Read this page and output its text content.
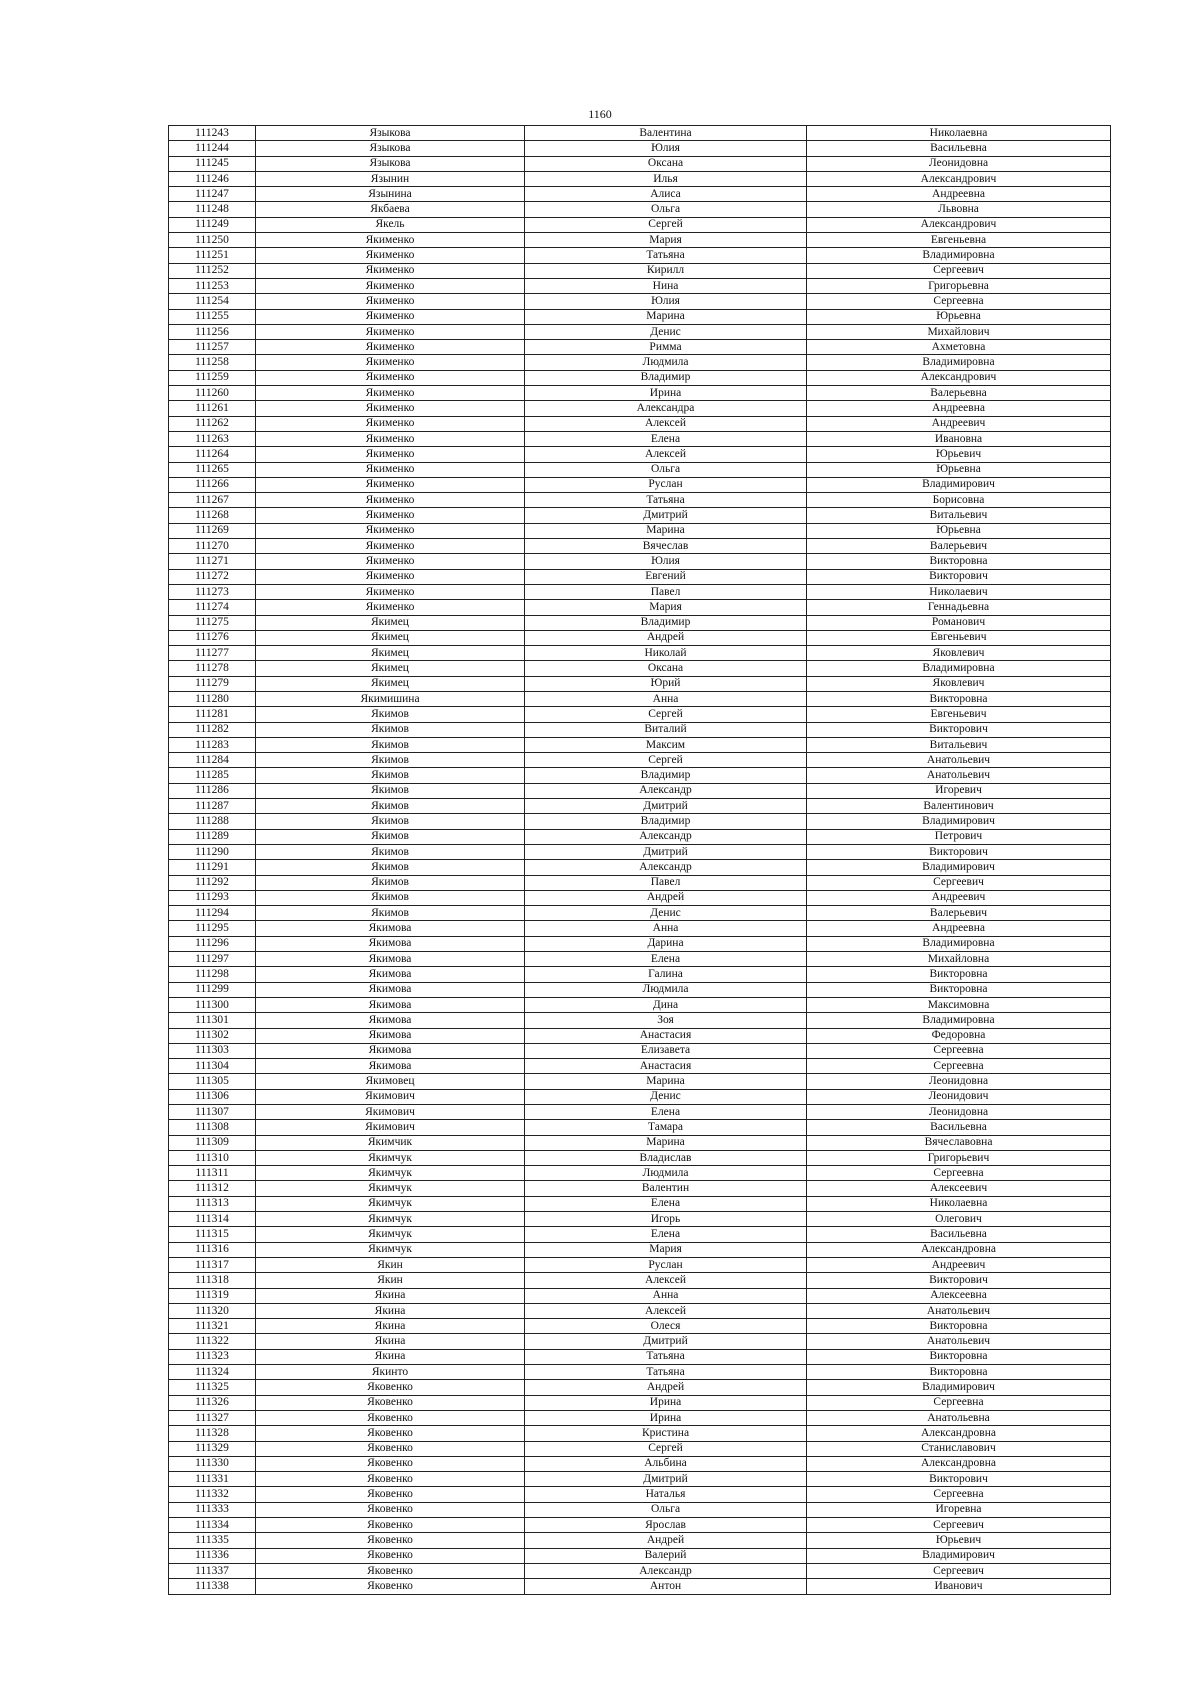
1160
111243	Языкова	Валентина	Николаевна
111244	Языкова	Юлия	Васильевна
111245	Языкова	Оксана	Леонидовна
111246	Язынин	Илья	Александрович
111247	Язынина	Алиса	Андреевна
111248	Якбаева	Ольга	Львовна
111249	Якель	Сергей	Александрович
111250	Якименко	Мария	Евгеньевна
111251	Якименко	Татьяна	Владимировна
111252	Якименко	Кирилл	Сергеевич
111253	Якименко	Нина	Григорьевна
111254	Якименко	Юлия	Сергеевна
111255	Якименко	Марина	Юрьевна
111256	Якименко	Денис	Михайлович
111257	Якименко	Римма	Ахметовна
111258	Якименко	Людмила	Владимировна
111259	Якименко	Владимир	Александрович
111260	Якименко	Ирина	Валерьевна
111261	Якименко	Александра	Андреевна
111262	Якименко	Алексей	Андреевич
111263	Якименко	Елена	Ивановна
111264	Якименко	Алексей	Юрьевич
111265	Якименко	Ольга	Юрьевна
111266	Якименко	Руслан	Владимирович
111267	Якименко	Татьяна	Борисовна
111268	Якименко	Дмитрий	Витальевич
111269	Якименко	Марина	Юрьевна
111270	Якименко	Вячеслав	Валерьевич
111271	Якименко	Юлия	Викторовна
111272	Якименко	Евгений	Викторович
111273	Якименко	Павел	Николаевич
111274	Якименко	Мария	Геннадьевна
111275	Якимец	Владимир	Романович
111276	Якимец	Андрей	Евгеньевич
111277	Якимец	Николай	Яковлевич
111278	Якимец	Оксана	Владимировна
111279	Якимец	Юрий	Яковлевич
111280	Якимишина	Анна	Викторовна
111281	Якимов	Сергей	Евгеньевич
111282	Якимов	Виталий	Викторович
111283	Якимов	Максим	Витальевич
111284	Якимов	Сергей	Анатольевич
111285	Якимов	Владимир	Анатольевич
111286	Якимов	Александр	Игоревич
111287	Якимов	Дмитрий	Валентинович
111288	Якимов	Владимир	Владимирович
111289	Якимов	Александр	Петрович
111290	Якимов	Дмитрий	Викторович
111291	Якимов	Александр	Владимирович
111292	Якимов	Павел	Сергеевич
111293	Якимов	Андрей	Андреевич
111294	Якимов	Денис	Валерьевич
111295	Якимова	Анна	Андреевна
111296	Якимова	Дарина	Владимировна
111297	Якимова	Елена	Михайловна
111298	Якимова	Галина	Викторовна
111299	Якимова	Людмила	Викторовна
111300	Якимова	Дина	Максимовна
111301	Якимова	Зоя	Владимировна
111302	Якимова	Анастасия	Федоровна
111303	Якимова	Елизавета	Сергеевна
111304	Якимова	Анастасия	Сергеевна
111305	Якимовец	Марина	Леонидовна
111306	Якимович	Денис	Леонидович
111307	Якимович	Елена	Леонидовна
111308	Якимович	Тамара	Васильевна
111309	Якимчик	Марина	Вячеславовна
111310	Якимчук	Владислав	Григорьевич
111311	Якимчук	Людмила	Сергеевна
111312	Якимчук	Валентин	Алексеевич
111313	Якимчук	Елена	Николаевна
111314	Якимчук	Игорь	Олегович
111315	Якимчук	Елена	Васильевна
111316	Якимчук	Мария	Александровна
111317	Якин	Руслан	Андреевич
111318	Якин	Алексей	Викторович
111319	Якина	Анна	Алексеевна
111320	Якина	Алексей	Анатольевич
111321	Якина	Олеся	Викторовна
111322	Якина	Дмитрий	Анатольевич
111323	Якина	Татьяна	Викторовна
111324	Якинто	Татьяна	Викторовна
111325	Яковенко	Андрей	Владимирович
111326	Яковенко	Ирина	Сергеевна
111327	Яковенко	Ирина	Анатольевна
111328	Яковенко	Кристина	Александровна
111329	Яковенко	Сергей	Станиславович
111330	Яковенко	Альбина	Александровна
111331	Яковенко	Дмитрий	Викторович
111332	Яковенко	Наталья	Сергеевна
111333	Яковенко	Ольга	Игоревна
111334	Яковенко	Ярослав	Сергеевич
111335	Яковенко	Андрей	Юрьевич
111336	Яковенко	Валерий	Владимирович
111337	Яковенко	Александр	Сергеевич
111338	Яковенко	Антон	Иванович
